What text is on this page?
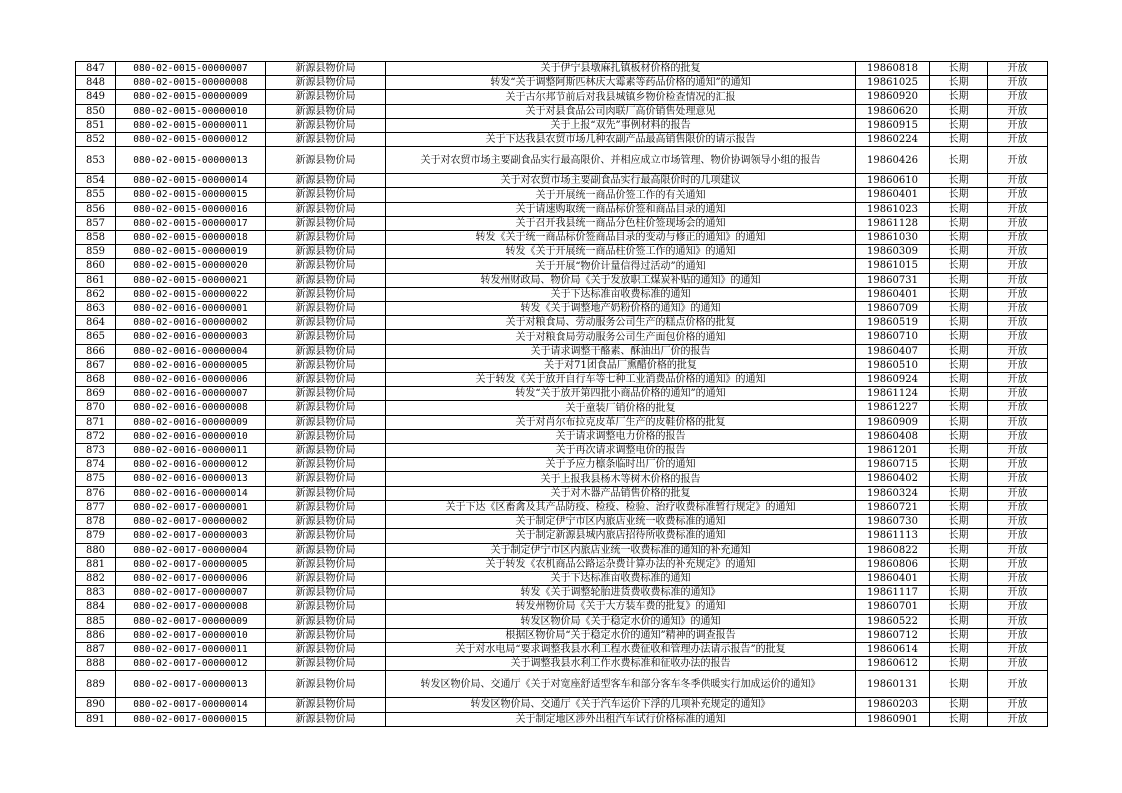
847	080-02-0015-00000007	新源县物价局	关于伊宁县墩麻扎镇板材价格的批复	19860818	长期	开放
848	080-02-0015-00000008	新源县物价局	转发“关于调整阿斯匹林庆大霉素等药品价格的通知”的通知	19861025	长期	开放
849	080-02-0015-00000009	新源县物价局	关于古尔邦节前后对我县城镇乡物价检查情况的汇报	19860920	长期	开放
850	080-02-0015-00000010	新源县物价局	关于对县食品公司肉联厂高价销售处理意见	19860620	长期	开放
851	080-02-0015-00000011	新源县物价局	关于上报“双先”事例材料的报告	19860915	长期	开放
852	080-02-0015-00000012	新源县物价局	关于下达我县农贸市场几种农副产品最高销售限价的请示报告	19860224	长期	开放
853	080-02-0015-00000013	新源县物价局	关于对农贸市场主要副食品实行最高限价、并相应成立市场管理、物价协调领导小组的报告	19860426	长期	开放
854	080-02-0015-00000014	新源县物价局	关于对农贸市场主要副食品实行最高限价时的几项建议	19860610	长期	开放
855	080-02-0015-00000015	新源县物价局	关于开展统一商品价签工作的有关通知	19860401	长期	开放
856	080-02-0015-00000016	新源县物价局	关于请速购取统一商品标价签和商品目录的通知	19861023	长期	开放
857	080-02-0015-00000017	新源县物价局	关于召开我县统一商品分色柱价签现场会的通知	19861128	长期	开放
858	080-02-0015-00000018	新源县物价局	转发《关于统一商品标价签商品目录的变动与修正的通知》的通知	19861030	长期	开放
859	080-02-0015-00000019	新源县物价局	转发《关于开展统一商品柱价签工作的通知》的通知	19860309	长期	开放
860	080-02-0015-00000020	新源县物价局	关于开展“物价计量信得过活动”的通知	19861015	长期	开放
861	080-02-0015-00000021	新源县物价局	转发州财政局、物价局《关于发放职工煤炭补贴的通知》的通知	19860731	长期	开放
862	080-02-0015-00000022	新源县物价局	关于下达标准亩收费标准的通知	19860401	长期	开放
863	080-02-0016-00000001	新源县物价局	转发《关于调整地产奶粉价格的通知》的通知	19860709	长期	开放
864	080-02-0016-00000002	新源县物价局	关于对粮食局、劳动服务公司生产的糕点价格的批复	19860519	长期	开放
865	080-02-0016-00000003	新源县物价局	关于对粮食局劳动服务公司生产面包价格的通知	19860710	长期	开放
866	080-02-0016-00000004	新源县物价局	关于请求调整干酪素、酥油出厂价的报告	19860407	长期	开放
867	080-02-0016-00000005	新源县物价局	关于对71团食品厂熏醋价格的批复	19860510	长期	开放
868	080-02-0016-00000006	新源县物价局	关于转发《关于放开自行车等七种工业消费品价格的通知》的通知	19860924	长期	开放
869	080-02-0016-00000007	新源县物价局	转发“关于放开第四批小商品价格的通知”的通知	19861124	长期	开放
870	080-02-0016-00000008	新源县物价局	关于童装厂销价格的批复	19861227	长期	开放
871	080-02-0016-00000009	新源县物价局	关于对肖尔布拉克皮革厂生产的皮鞋价格的批复	19860909	长期	开放
872	080-02-0016-00000010	新源县物价局	关于请求调整电力价格的报告	19860408	长期	开放
873	080-02-0016-00000011	新源县物价局	关于再次请求调整电价的报告	19861201	长期	开放
874	080-02-0016-00000012	新源县物价局	关于予应力檩条临时出厂价的通知	19860715	长期	开放
875	080-02-0016-00000013	新源县物价局	关于上报我县杨木等树木价格的报告	19860402	长期	开放
876	080-02-0016-00000014	新源县物价局	关于对木器产品销售价格的批复	19860324	长期	开放
877	080-02-0017-00000001	新源县物价局	关于下达《区畜禽及其产品防疫、检疫、检验、治疗收费标准暂行规定》的通知	19860721	长期	开放
878	080-02-0017-00000002	新源县物价局	关于制定伊宁市区内旅店业统一收费标准的通知	19860730	长期	开放
879	080-02-0017-00000003	新源县物价局	关于制定新源县城内旅店招待所收费标准的通知	19861113	长期	开放
880	080-02-0017-00000004	新源县物价局	关于制定伊宁市区内旅店业统一收费标准的通知的补充通知	19860822	长期	开放
881	080-02-0017-00000005	新源县物价局	关于转发《农机商品公路运杂费计算办法的补充规定》的通知	19860806	长期	开放
882	080-02-0017-00000006	新源县物价局	关于下达标准亩收费标准的通知	19860401	长期	开放
883	080-02-0017-00000007	新源县物价局	转发《关于调整轮胎进货费收费标准的通知》	19861117	长期	开放
884	080-02-0017-00000008	新源县物价局	转发州物价局《关于大方装车费的批复》的通知	19860701	长期	开放
885	080-02-0017-00000009	新源县物价局	转发区物价局《关于稳定水价的通知》的通知	19860522	长期	开放
886	080-02-0017-00000010	新源县物价局	根据区物价局“关于稳定水价的通知”精神的调查报告	19860712	长期	开放
887	080-02-0017-00000011	新源县物价局	关于对水电局“要求调整我县水利工程水费征收和管理办法请示报告”的批复	19860614	长期	开放
888	080-02-0017-00000012	新源县物价局	关于调整我县水利工作水费标准和征收办法的报告	19860612	长期	开放
889	080-02-0017-00000013	新源县物价局	转发区物价局、交通厅《关于对宽座舒适型客车和部分客车冬季供暖实行加成运价的通知》	19860131	长期	开放
890	080-02-0017-00000014	新源县物价局	转发区物价局、交通厅《关于汽车运价下浮的几项补充规定的通知》	19860203	长期	开放
891	080-02-0017-00000015	新源县物价局	关于制定地区涉外出租汽车试行价格标准的通知	19860901	长期	开放
